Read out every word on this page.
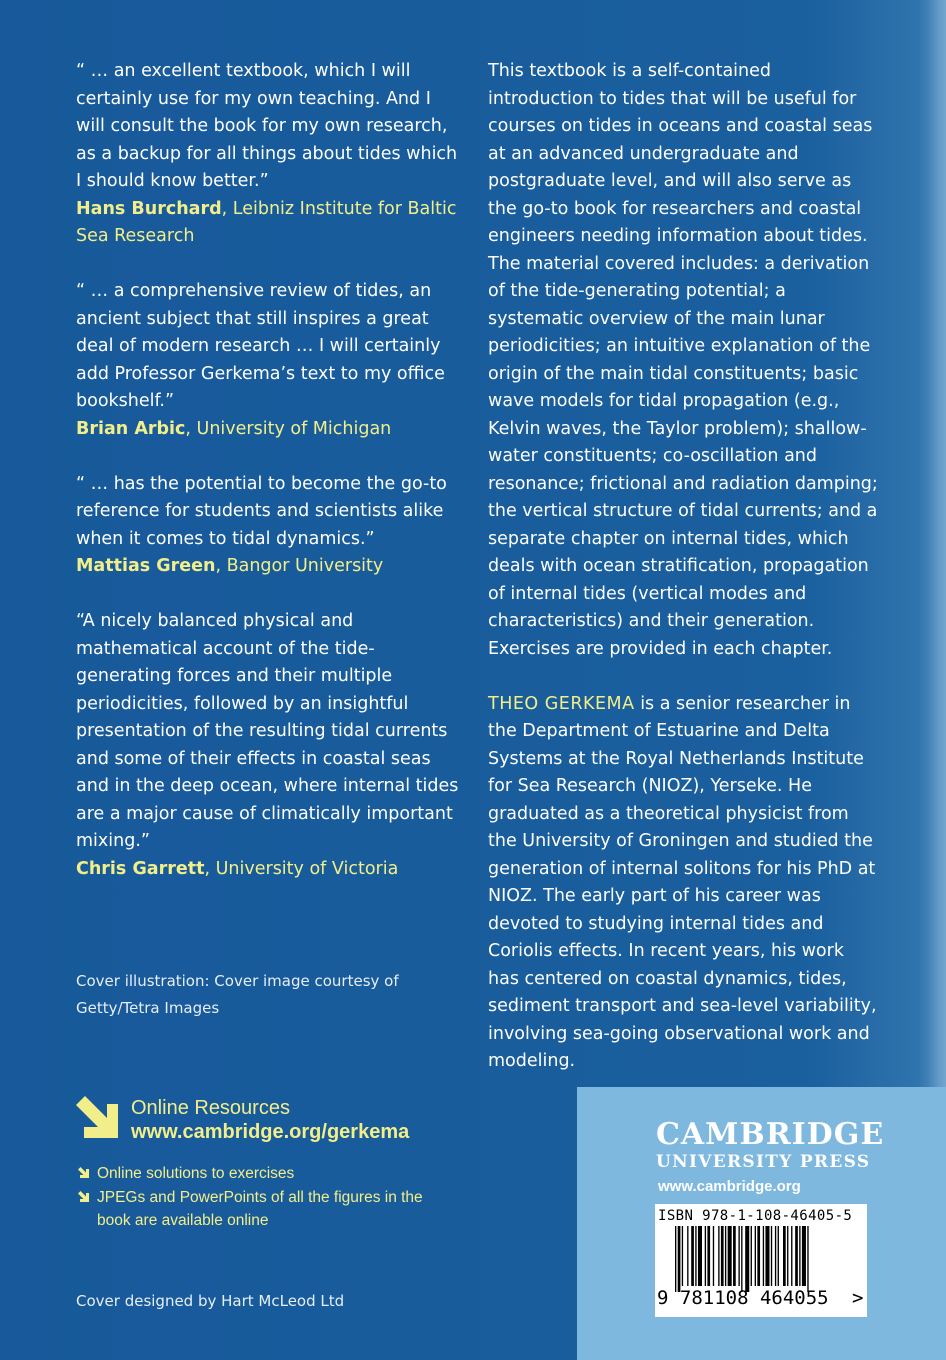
“ … an excellent textbook, which I will certainly use for my own teaching. And I will consult the book for my own research, as a backup for all things about tides which I should know better.”

Hans Burchard, Leibniz Institute for Baltic Sea Research

“ … a comprehensive review of tides, an ancient subject that still inspires a great deal of modern research … I will certainly add Professor Gerkema’s text to my office bookshelf.”

Brian Arbic, University of Michigan

“ … has the potential to become the go-to reference for students and scientists alike when it comes to tidal dynamics.”

Mattias Green, Bangor University

“A nicely balanced physical and mathematical account of the tide-generating forces and their multiple periodicities, followed by an insightful presentation of the resulting tidal currents and some of their effects in coastal seas and in the deep ocean, where internal tides are a major cause of climatically important mixing.”

Chris Garrett, University of Victoria

This textbook is a self-contained introduction to tides that will be useful for courses on tides in oceans and coastal seas at an advanced undergraduate and postgraduate level, and will also serve as the go-to book for researchers and coastal engineers needing information about tides. The material covered includes: a derivation of the tide-generating potential; a systematic overview of the main lunar periodicities; an intuitive explanation of the origin of the main tidal constituents; basic wave models for tidal propagation (e.g., Kelvin waves, the Taylor problem); shallow-water constituents; co-oscillation and resonance; frictional and radiation damping; the vertical structure of tidal currents; and a separate chapter on internal tides, which deals with ocean stratification, propagation of internal tides (vertical modes and characteristics) and their generation. Exercises are provided in each chapter.

THEO GERKEMA is a senior researcher in the Department of Estuarine and Delta Systems at the Royal Netherlands Institute for Sea Research (NIOZ), Yerseke. He graduated as a theoretical physicist from the University of Groningen and studied the generation of internal solitons for his PhD at NIOZ. The early part of his career was devoted to studying internal tides and Coriolis effects. In recent years, his work has centered on coastal dynamics, tides, sediment transport and sea-level variability, involving sea-going observational work and modeling.

Cover illustration: Cover image courtesy of Getty/Tetra Images
Online Resources
www.cambridge.org/gerkema
Online solutions to exercises
JPEGs and PowerPoints of all the figures in the book are available online
Cover designed by Hart McLeod Ltd
CAMBRIDGE
UNIVERSITY PRESS
www.cambridge.org
ISBN 978-1-108-46405-5
9 781108 464055 >
